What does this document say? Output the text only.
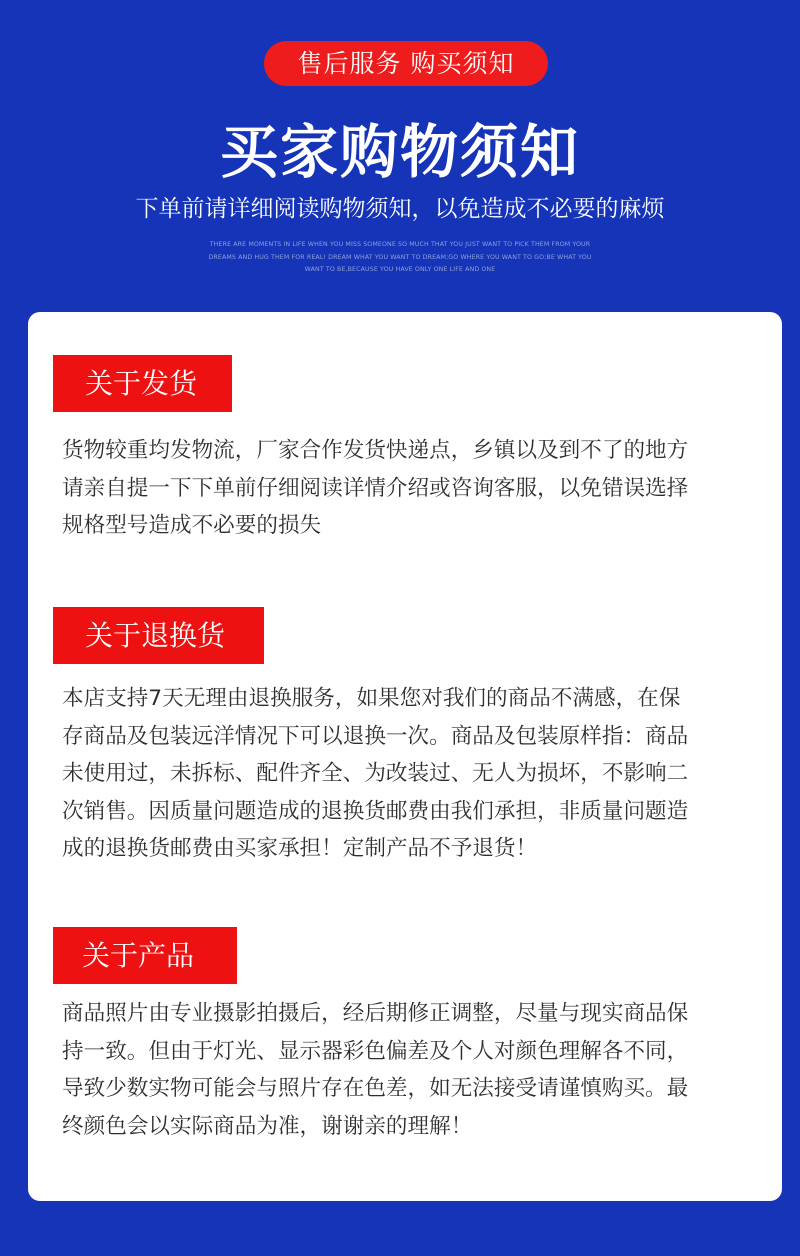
售后服务 购买须知
买家购物须知
下单前请详细阅读购物须知，以免造成不必要的麻烦
THERE ARE MOMENTS IN LIFE WHEN YOU MISS SOMEONE SO MUCH THAT YOU JUST WANT TO PICK THEM FROM YOUR
DREAMS AND HUG THEM FOR REAL! DREAM WHAT YOU WANT TO DREAM;GO WHERE YOU WANT TO GO;BE WHAT YOU
WANT TO BE,BECAUSE YOU HAVE ONLY ONE LIFE AND ONE
关于发货
货物较重均发物流，厂家合作发货快递点，乡镇以及到不了的地方
请亲自提一下下单前仔细阅读详情介绍或咨询客服，以免错误选择
规格型号造成不必要的损失
关于退换货
本店支持7天无理由退换服务，如果您对我们的商品不满感，在保
存商品及包装远洋情况下可以退换一次。商品及包装原样指：商品
未使用过，未拆标、配件齐全、为改装过、无人为损坏，不影响二
次销售。因质量问题造成的退换货邮费由我们承担，非质量问题造
成的退换货邮费由买家承担！定制产品不予退货！
关于产品
商品照片由专业摄影拍摄后，经后期修正调整，尽量与现实商品保
持一致。但由于灯光、显示器彩色偏差及个人对颜色理解各不同，
导致少数实物可能会与照片存在色差，如无法接受请谨慎购买。最
终颜色会以实际商品为准，谢谢亲的理解！
